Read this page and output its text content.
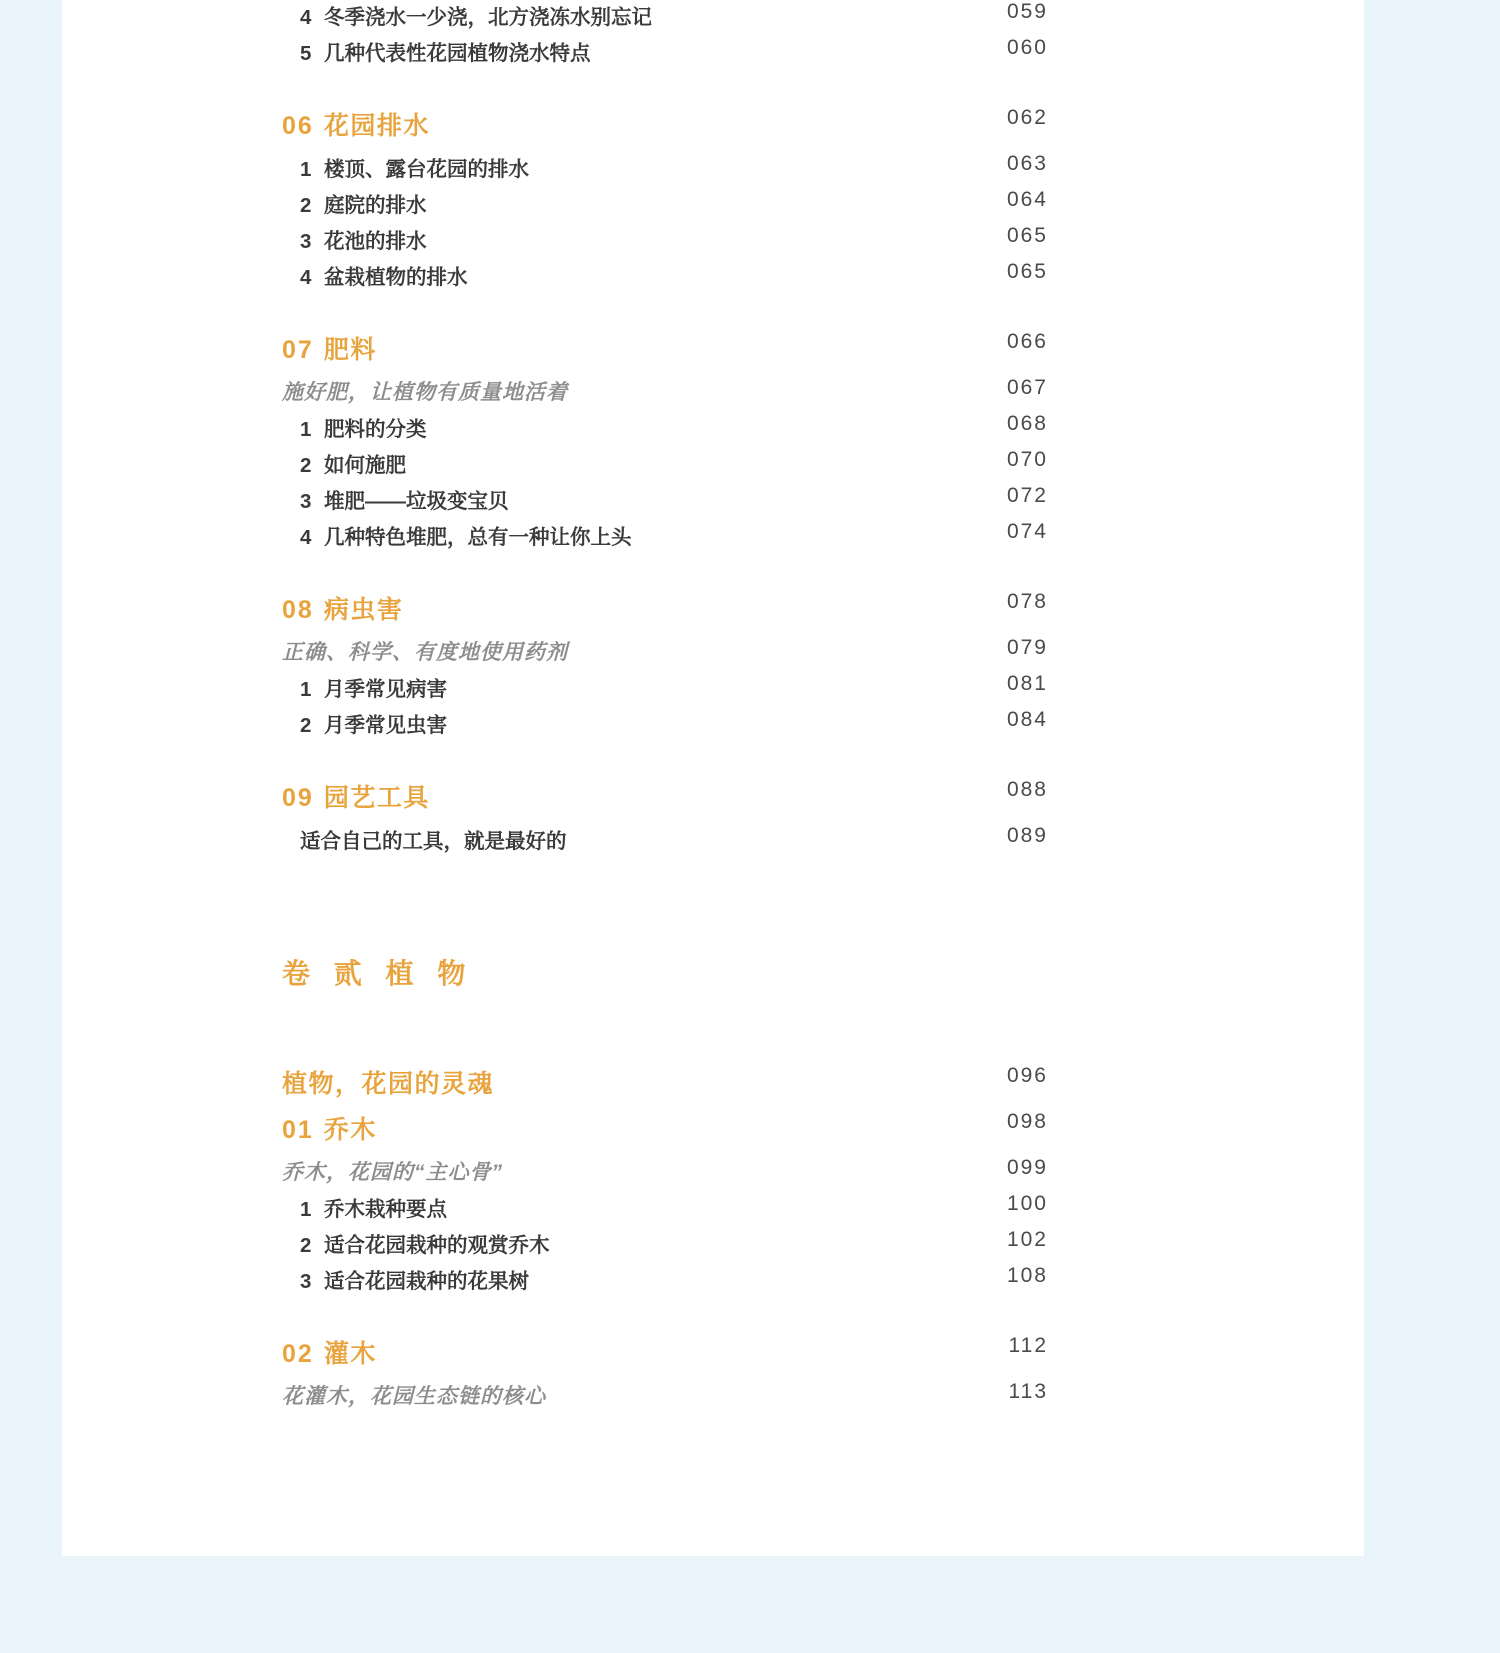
4 冬季浇水一少浇，北方浇冻水别忘记	059
5 几种代表性花园植物浇水特点	060
06 花园排水	062
1 楼顶、露台花园的排水	063
2 庭院的排水	064
3 花池的排水	065
4 盆栽植物的排水	065
07 肥料	066
施好肥，让植物有质量地活着	067
1 肥料的分类	068
2 如何施肥	070
3 堆肥——垃圾变宝贝	072
4 几种特色堆肥，总有一种让你上头	074
08 病虫害	078
正确、科学、有度地使用药剂	079
1 月季常见病害	081
2 月季常见虫害	084
09 园艺工具	088
适合自己的工具，就是最好的	089
卷 贰 植 物
植物，花园的灵魂	096
01 乔木	098
乔木，花园的“主心骨”	099
1 乔木栽种要点	100
2 适合花园栽种的观赏乔木	102
3 适合花园栽种的花果树	108
02 灌木	112
花灌木，花园生态链的核心	113
